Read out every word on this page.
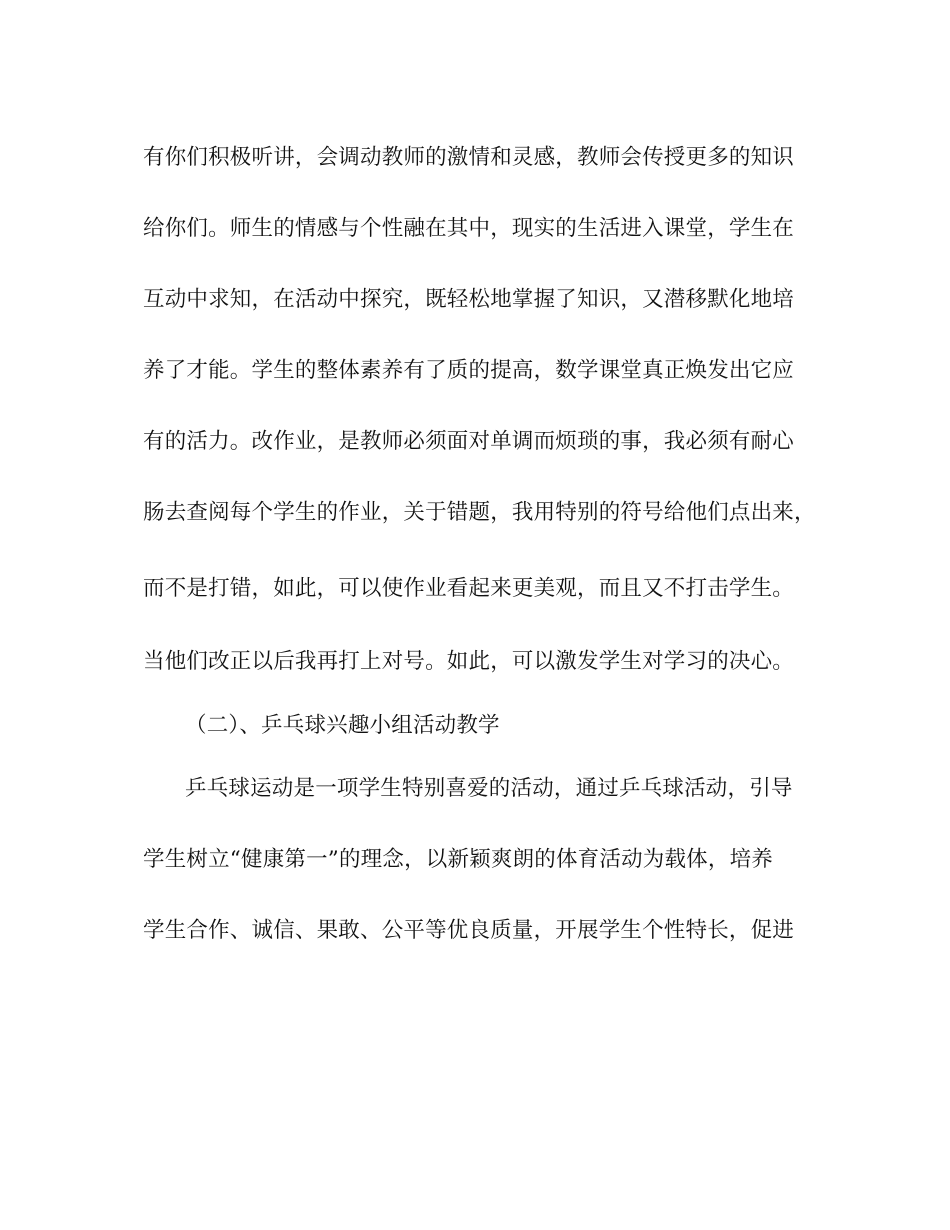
有你们积极听讲，会调动教师的激情和灵感，教师会传授更多的知识
给你们。师生的情感与个性融在其中，现实的生活进入课堂，学生在
互动中求知，在活动中探究，既轻松地掌握了知识，又潜移默化地培
养了才能。学生的整体素养有了质的提高，数学课堂真正焕发出它应
有的活力。改作业，是教师必须面对单调而烦琐的事，我必须有耐心
肠去查阅每个学生的作业，关于错题，我用特别的符号给他们点出来，
而不是打错，如此，可以使作业看起来更美观，而且又不打击学生。
当他们改正以后我再打上对号。如此，可以激发学生对学习的决心。
（二）、乒乓球兴趣小组活动教学
乒乓球运动是一项学生特别喜爱的活动，通过乒乓球活动，引导
学生树立“健康第一”的理念，以新颖爽朗的体育活动为载体，培养
学生合作、诚信、果敢、公平等优良质量，开展学生个性特长，促进
